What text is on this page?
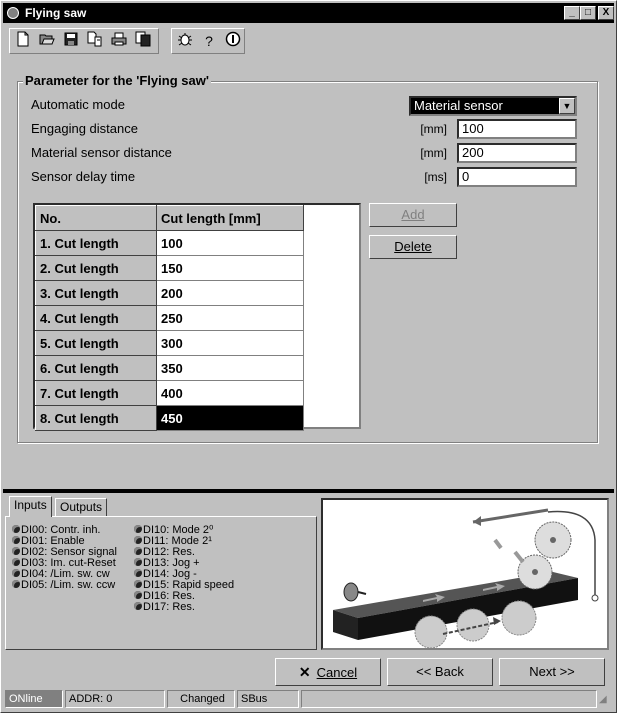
Flying saw	_	□	X
?
Parameter for the 'Flying saw'
Automatic mode	Material sensor	▼
Engaging distance	[mm]	100
Material sensor distance	[mm]	200
Sensor delay time	[ms]	0
No.	Cut length [mm]
1. Cut length	100
2. Cut length	150
3. Cut length	200
4. Cut length	250
5. Cut length	300
6. Cut length	350
7. Cut length	400
8. Cut length	450
Add
Delete
Inputs	Outputs
DI00: Contr. inh.
DI01: Enable
DI02: Sensor signal
DI03: Im. cut-Reset
DI04: /Lim. sw. cw
DI05: /Lim. sw. ccw
DI10: Mode 2⁰
DI11: Mode 2¹
DI12: Res.
DI13: Jog +
DI14: Jog -
DI15: Rapid speed
DI16: Res.
DI17: Res.
✕ Cancel	<< Back	Next >>
ONline	ADDR: 0	Changed	SBus	◢
